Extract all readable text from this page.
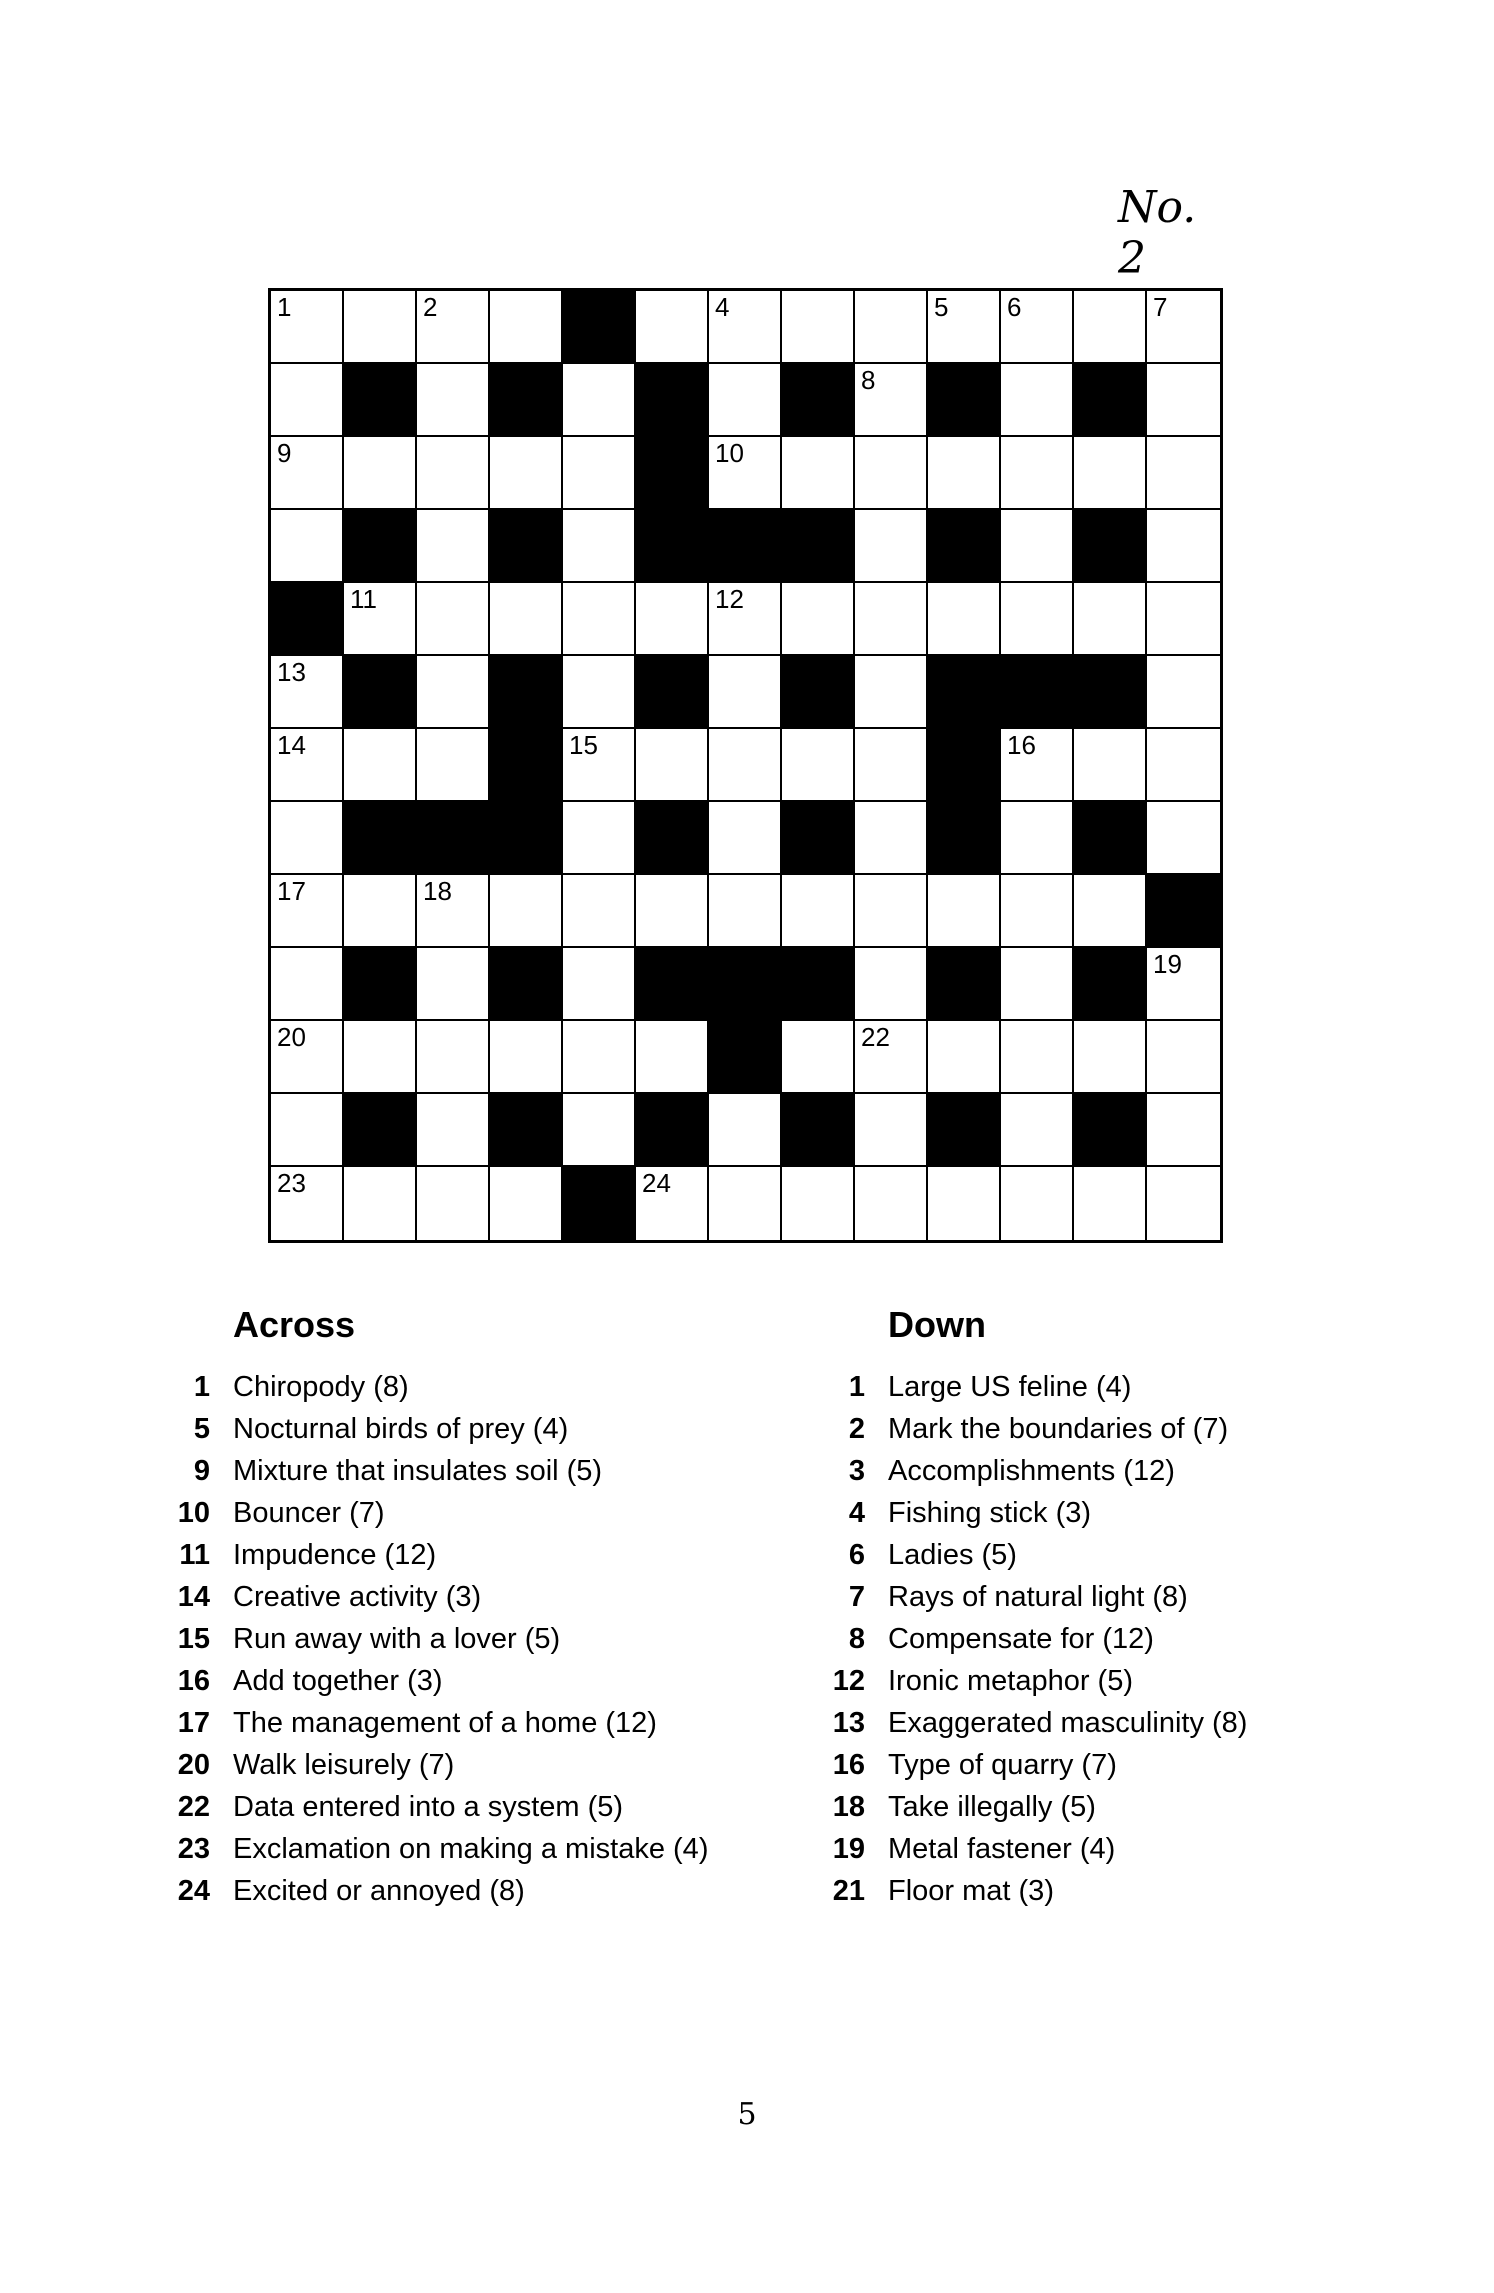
No. 2
1	2	3	4	5 6	7
8
9	10
11	12
13
14	15	16
17	18
19
20	21	22
23	24
Across
1 Chiropody (8)
5 Nocturnal birds of prey (4)
9 Mixture that insulates soil (5)
10 Bouncer (7)
11 Impudence (12)
14 Creative activity (3)
15 Run away with a lover (5)
16 Add together (3)
17 The management of a home (12)
20 Walk leisurely (7)
22 Data entered into a system (5)
23 Exclamation on making a mistake (4)
24 Excited or annoyed (8)
Down
1 Large US feline (4)
2 Mark the boundaries of (7)
3 Accomplishments (12)
4 Fishing stick (3)
6 Ladies (5)
7 Rays of natural light (8)
8 Compensate for (12)
12 Ironic metaphor (5)
13 Exaggerated masculinity (8)
16 Type of quarry (7)
18 Take illegally (5)
19 Metal fastener (4)
21 Floor mat (3)
5
